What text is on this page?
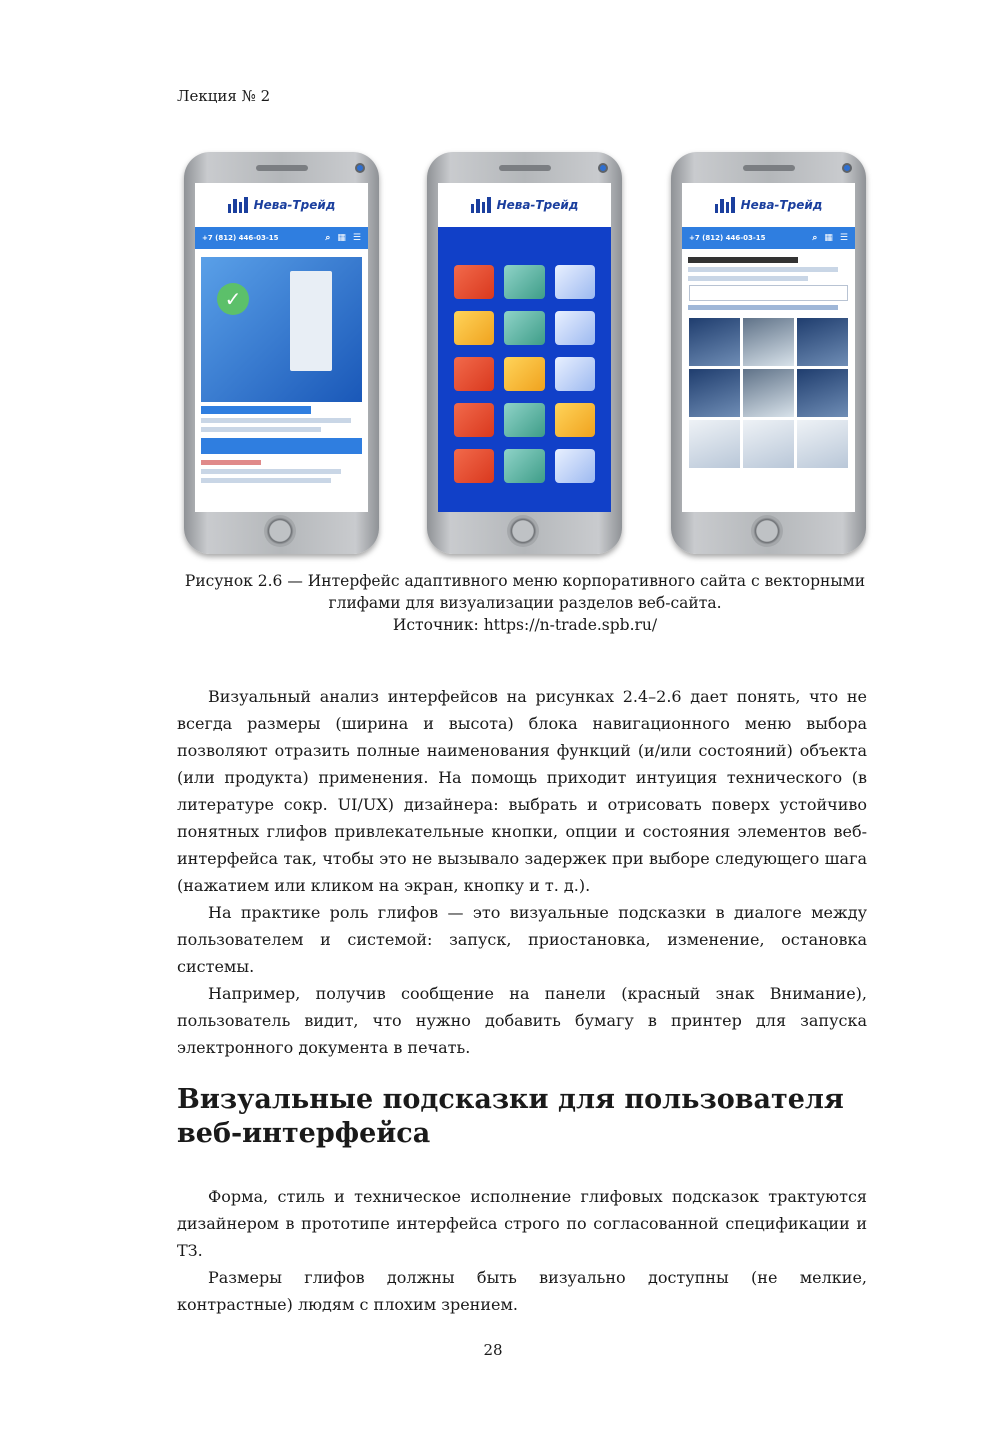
Лекция № 2
Нева-Трейд
+7 (812) 446-03-15	⌕ ▦ ☰
✓
Нева-Трейд	Нева-Трейд
+7 (812) 446-03-15	⌕ ▦ ☰
Рисунок 2.6 — Интерфейс адаптивного меню корпоративного сайта с векторными
глифами для визуализации разделов веб-сайта.
Источник: https://n-trade.spb.ru/

Визуальный анализ интерфейсов на рисунках 2.4–2.6 дает понять, что не всегда размеры (ширина и высота) блока навигационного меню выбора позволяют отразить полные наименования функций (и/или состояний) объекта (или продукта) применения. На помощь приходит интуиция технического (в литературе сокр. UI/UX) дизайнера: выбрать и отрисовать поверх устойчиво понятных глифов привлекательные кнопки, опции и состояния элементов веб-интерфейса так, чтобы это не вызывало задержек при выборе следующего шага (нажатием или кликом на экран, кнопку и т. д.).

На практике роль глифов — это визуальные подсказки в диалоге между пользователем и системой: запуск, приостановка, изменение, остановка системы.

Например, получив сообщение на панели (красный знак Внимание), пользователь видит, что нужно добавить бумагу в принтер для запуска электронного документа в печать.

Визуальные подсказки для пользователя веб-интерфейса

Форма, стиль и техническое исполнение глифовых подсказок трактуются дизайнером в прототипе интерфейса строго по согласованной спецификации и ТЗ.

Размеры глифов должны быть визуально доступны (не мелкие, контрастные) людям с плохим зрением.

28
